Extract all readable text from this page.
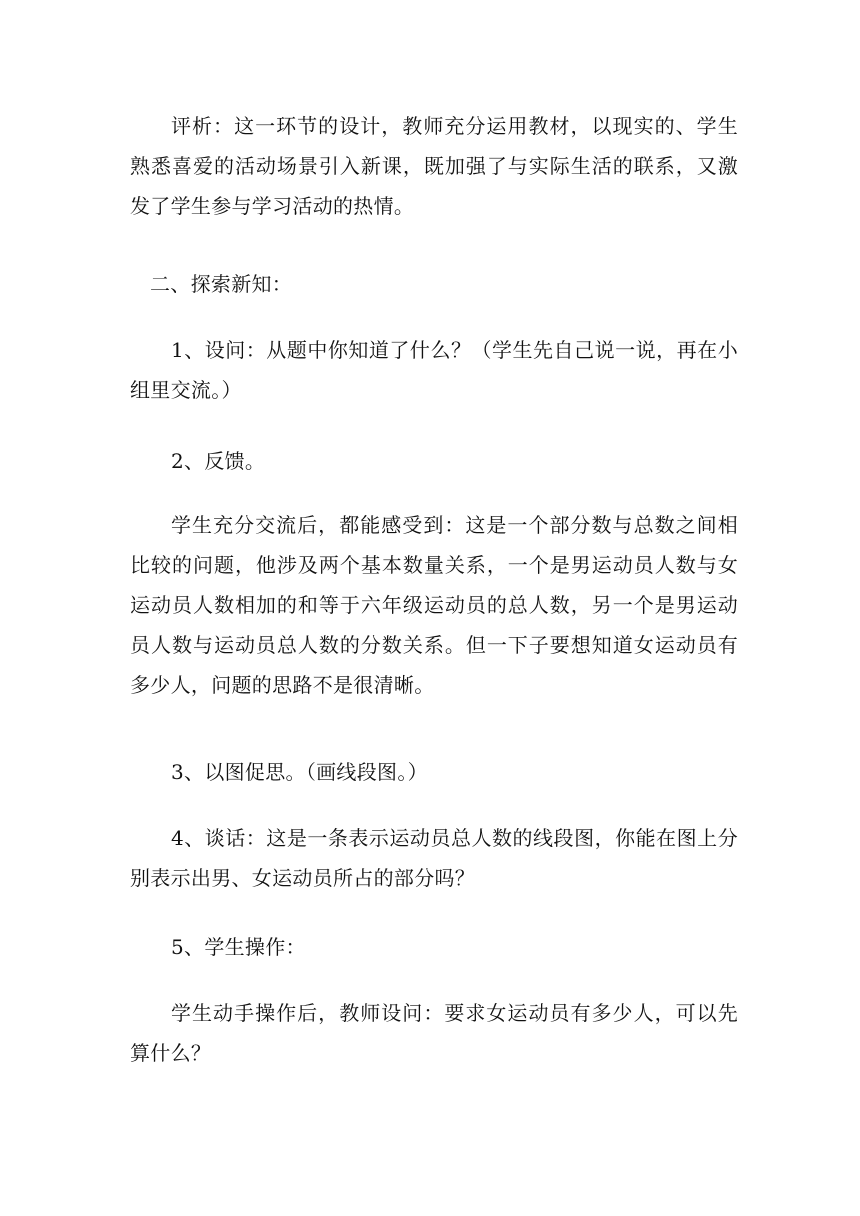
评析：这一环节的设计，教师充分运用教材，以现实的、学生熟悉喜爱的活动场景引入新课，既加强了与实际生活的联系，又激发了学生参与学习活动的热情。

二、探索新知：

1、设问：从题中你知道了什么？（学生先自己说一说，再在小组里交流。）

2、反馈。

学生充分交流后，都能感受到：这是一个部分数与总数之间相比较的问题，他涉及两个基本数量关系，一个是男运动员人数与女运动员人数相加的和等于六年级运动员的总人数，另一个是男运动员人数与运动员总人数的分数关系。但一下子要想知道女运动员有多少人，问题的思路不是很清晰。

3、以图促思。（画线段图。）

4、谈话：这是一条表示运动员总人数的线段图，你能在图上分别表示出男、女运动员所占的部分吗？

5、学生操作：

学生动手操作后，教师设问：要求女运动员有多少人，可以先算什么？
